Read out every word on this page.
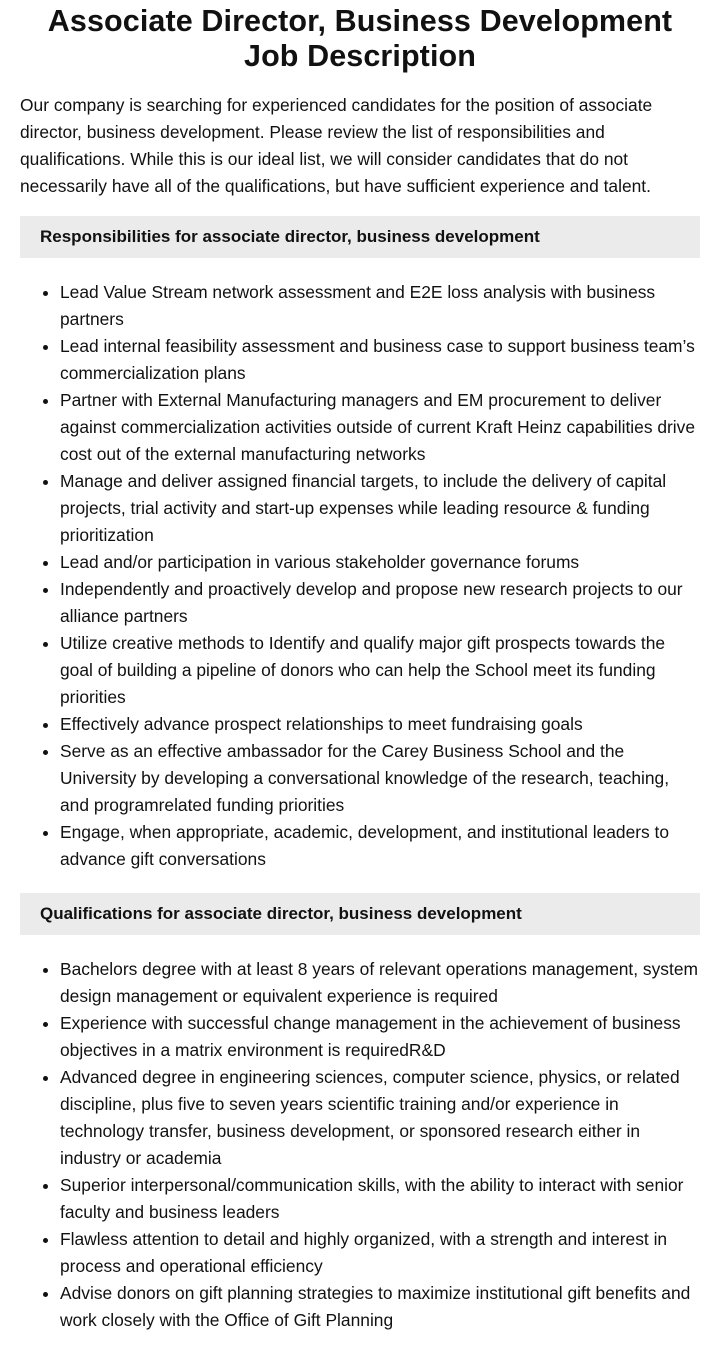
Associate Director, Business Development Job Description

Our company is searching for experienced candidates for the position of associate director, business development. Please review the list of responsibilities and qualifications. While this is our ideal list, we will consider candidates that do not necessarily have all of the qualifications, but have sufficient experience and talent.

Responsibilities for associate director, business development
Lead Value Stream network assessment and E2E loss analysis with business partners
Lead internal feasibility assessment and business case to support business team’s commercialization plans
Partner with External Manufacturing managers and EM procurement to deliver against commercialization activities outside of current Kraft Heinz capabilities drive cost out of the external manufacturing networks
Manage and deliver assigned financial targets, to include the delivery of capital projects, trial activity and start-up expenses while leading resource & funding prioritization
Lead and/or participation in various stakeholder governance forums
Independently and proactively develop and propose new research projects to our alliance partners
Utilize creative methods to Identify and qualify major gift prospects towards the goal of building a pipeline of donors who can help the School meet its funding priorities
Effectively advance prospect relationships to meet fundraising goals
Serve as an effective ambassador for the Carey Business School and the University by developing a conversational knowledge of the research, teaching, and programrelated funding priorities
Engage, when appropriate, academic, development, and institutional leaders to advance gift conversations
Qualifications for associate director, business development
Bachelors degree with at least 8 years of relevant operations management, system design management or equivalent experience is required
Experience with successful change management in the achievement of business objectives in a matrix environment is requiredR&D
Advanced degree in engineering sciences, computer science, physics, or related discipline, plus five to seven years scientific training and/or experience in technology transfer, business development, or sponsored research either in industry or academia
Superior interpersonal/communication skills, with the ability to interact with senior faculty and business leaders
Flawless attention to detail and highly organized, with a strength and interest in process and operational efficiency
Advise donors on gift planning strategies to maximize institutional gift benefits and work closely with the Office of Gift Planning
